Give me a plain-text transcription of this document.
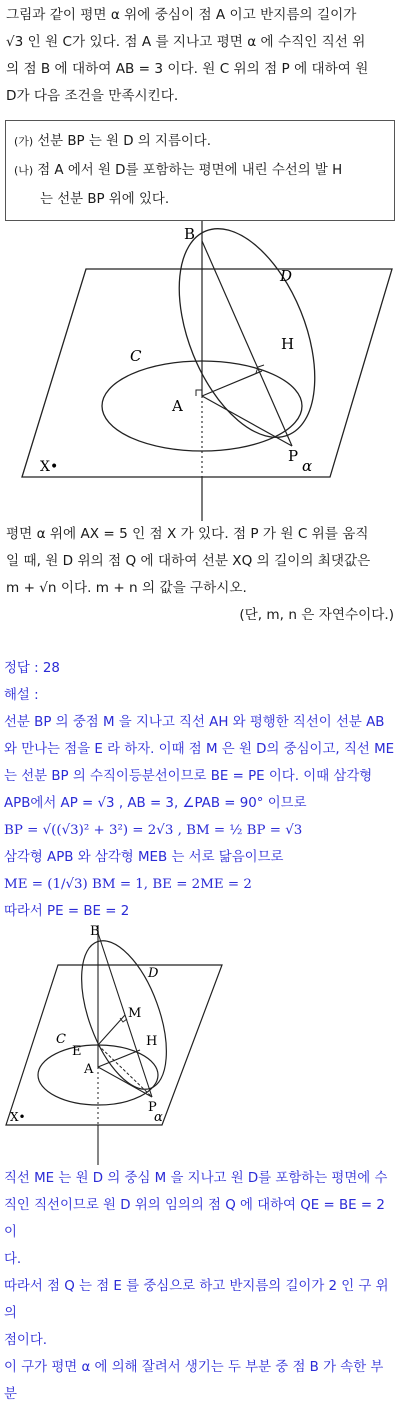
그림과 같이 평면 α 위에 중심이 점 A 이고 반지름의 길이가
√3 인 원 C가 있다. 점 A 를 지나고 평면 α 에 수직인 직선 위
의 점 B 에 대하여 AB = 3 이다. 원 C 위의 점 P 에 대하여 원
D가 다음 조건을 만족시킨다.
(가) 선분 BP 는 원 D 의 지름이다.
(나) 점 A 에서 원 D를 포함하는 평면에 내린 수선의 발 H
는 선분 BP 위에 있다.
B
D
C
H
A
P
X•	α
평면 α 위에 AX = 5 인 점 X 가 있다. 점 P 가 원 C 위를 움직
일 때, 원 D 위의 점 Q 에 대하여 선분 XQ 의 길이의 최댓값은
m + √n 이다. m + n 의 값을 구하시오.
(단, m, n 은 자연수이다.)
정답 : 28
해설 :
선분 BP 의 중점 M 을 지나고 직선 AH 와 평행한 직선이 선분 AB
와 만나는 점을 E 라 하자. 이때 점 M 은 원 D의 중심이고, 직선 ME
는 선분 BP 의 수직이등분선이므로 BE = PE 이다. 이때 삼각형
APB에서 AP = √3 , AB = 3, ∠PAB = 90° 이므로
BP = √((√3)² + 3²) = 2√3 , BM = ½ BP = √3
삼각형 APB 와 삼각형 MEB 는 서로 닮음이므로
ME = (1/√3) BM = 1, BE = 2ME = 2
따라서 PE = BE = 2
B
D
M
H
C
E
A
P
X•	α
직선 ME 는 원 D 의 중심 M 을 지나고 원 D를 포함하는 평면에 수
직인 직선이므로 원 D 위의 임의의 점 Q 에 대하여 QE = BE = 2 이
다.
따라서 점 Q 는 점 E 를 중심으로 하고 반지름의 길이가 2 인 구 위의
점이다.
이 구가 평면 α 에 의해 잘려서 생기는 두 부분 중 점 B 가 속한 부분
